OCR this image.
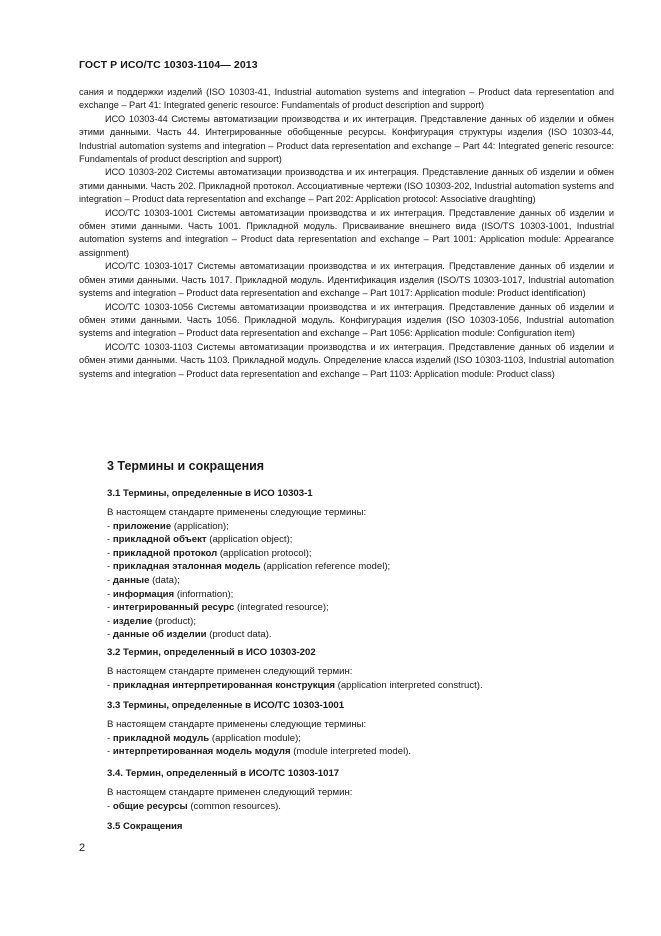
ГОСТ Р ИСО/ТС 10303-1104— 2013

сания и поддержки изделий (ISO 10303-41, Industrial automation systems and integration – Product data representation and exchange – Part 41: Integrated generic resource: Fundamentals of product description and support)

ИСО 10303-44 Системы автоматизации производства и их интеграция. Представление данных об изделии и обмен этими данными. Часть 44. Интегрированные обобщенные ресурсы. Конфигурация структуры изделия (ISO 10303-44, Industrial automation systems and integration – Product data representation and exchange – Part 44: Integrated generic resource: Fundamentals of product description and support)

ИСО 10303-202 Системы автоматизации производства и их интеграция. Представление данных об изделии и обмен этими данными. Часть 202. Прикладной протокол. Ассоциативные чертежи (ISO 10303-202, Industrial automation systems and integration – Product data representation and exchange – Part 202: Application protocol: Associative draughting)

ИСО/ТС 10303-1001 Системы автоматизации производства и их интеграция. Представление данных об изделии и обмен этими данными. Часть 1001. Прикладной модуль. Присваивание внешнего вида (ISO/TS 10303-1001, Industrial automation systems and integration – Product data representation and exchange – Part 1001: Application module: Appearance assignment)

ИСО/ТС 10303-1017 Системы автоматизации производства и их интеграция. Представление данных об изделии и обмен этими данными. Часть 1017. Прикладной модуль. Идентификация изделия (ISO/TS 10303-1017, Industrial automation systems and integration – Product data representation and exchange – Part 1017: Application module: Product identification)

ИСО/ТС 10303-1056 Системы автоматизации производства и их интеграция. Представление данных об изделии и обмен этими данными. Часть 1056. Прикладной модуль. Конфигурация изделия (ISO 10303-1056, Industrial automation systems and integration – Product data representation and exchange – Part 1056: Application module: Configuration item)

ИСО/ТС 10303-1103 Системы автоматизации производства и их интеграция. Представление данных об изделии и обмен этими данными. Часть 1103. Прикладной модуль. Определение класса изделий (ISO 10303-1103, Industrial automation systems and integration – Product data representation and exchange – Part 1103: Application module: Product class)

3 Термины и сокращения
3.1 Термины, определенные в ИСО 10303-1
В настоящем стандарте применены следующие термины:
- приложение (application);
- прикладной объект (application object);
- прикладной протокол (application protocol);
- прикладная эталонная модель (application reference model);
- данные (data);
- информация (information);
- интегрированный ресурс (integrated resource);
- изделие (product);
- данные об изделии (product data).
3.2 Термин, определенный в ИСО 10303-202
В настоящем стандарте применен следующий термин:
- прикладная интерпретированная конструкция (application interpreted construct).
3.3 Термины, определенные в ИСО/ТС 10303-1001
В настоящем стандарте применены следующие термины:
- прикладной модуль (application module);
- интерпретированная модель модуля (module interpreted model).
3.4. Термин, определенный в ИСО/ТС 10303-1017
В настоящем стандарте применен следующий термин:
- общие ресурсы (common resources).
3.5 Сокращения
2
